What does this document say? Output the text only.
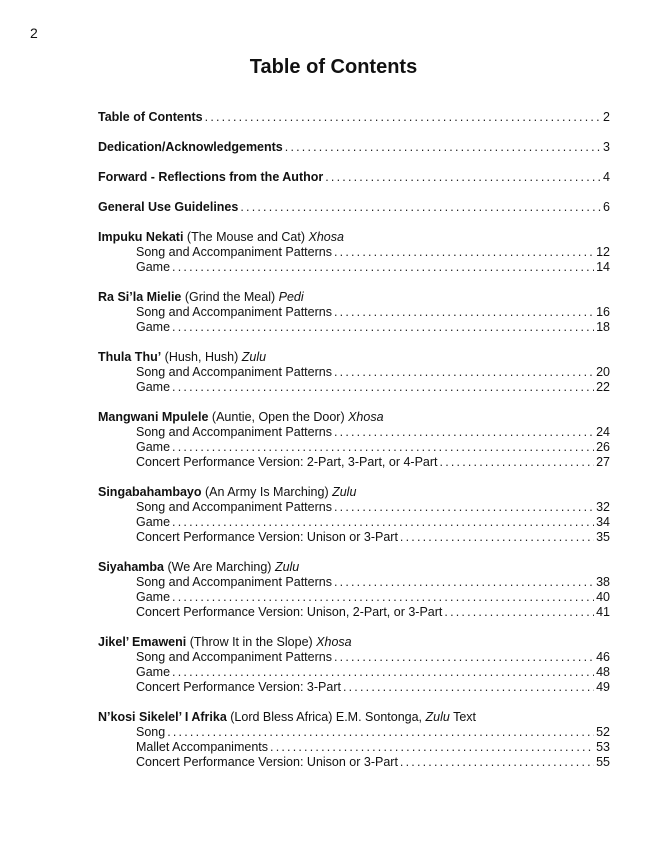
2
Table of Contents
Table of Contents .....	2
Dedication/Acknowledgements .....	3
Forward - Reflections from the Author .....	4
General Use Guidelines .....	6
Impuku Nekati (The Mouse and Cat) Xhosa
Song and Accompaniment Patterns .....	12
Game .....	14
Ra Si’la Mielie (Grind the Meal) Pedi
Song and Accompaniment Patterns .....	16
Game .....	18
Thula Thu’ (Hush, Hush) Zulu
Song and Accompaniment Patterns .....	20
Game .....	22
Mangwani Mpulele (Auntie, Open the Door) Xhosa
Song and Accompaniment Patterns .....	24
Game .....	26
Concert Performance Version: 2-Part, 3-Part, or 4-Part .....	27
Singabahambayo (An Army Is Marching) Zulu
Song and Accompaniment Patterns .....	32
Game .....	34
Concert Performance Version: Unison or 3-Part .....	35
Siyahamba (We Are Marching) Zulu
Song and Accompaniment Patterns .....	38
Game .....	40
Concert Performance Version: Unison, 2-Part, or 3-Part .....	41
Jikel’ Emaweni (Throw It in the Slope) Xhosa
Song and Accompaniment Patterns .....	46
Game .....	48
Concert Performance Version: 3-Part .....	49
N’kosi Sikelel’ I Afrika (Lord Bless Africa) E.M. Sontonga, Zulu Text
Song .....	52
Mallet Accompaniments .....	53
Concert Performance Version: Unison or 3-Part .....	55
